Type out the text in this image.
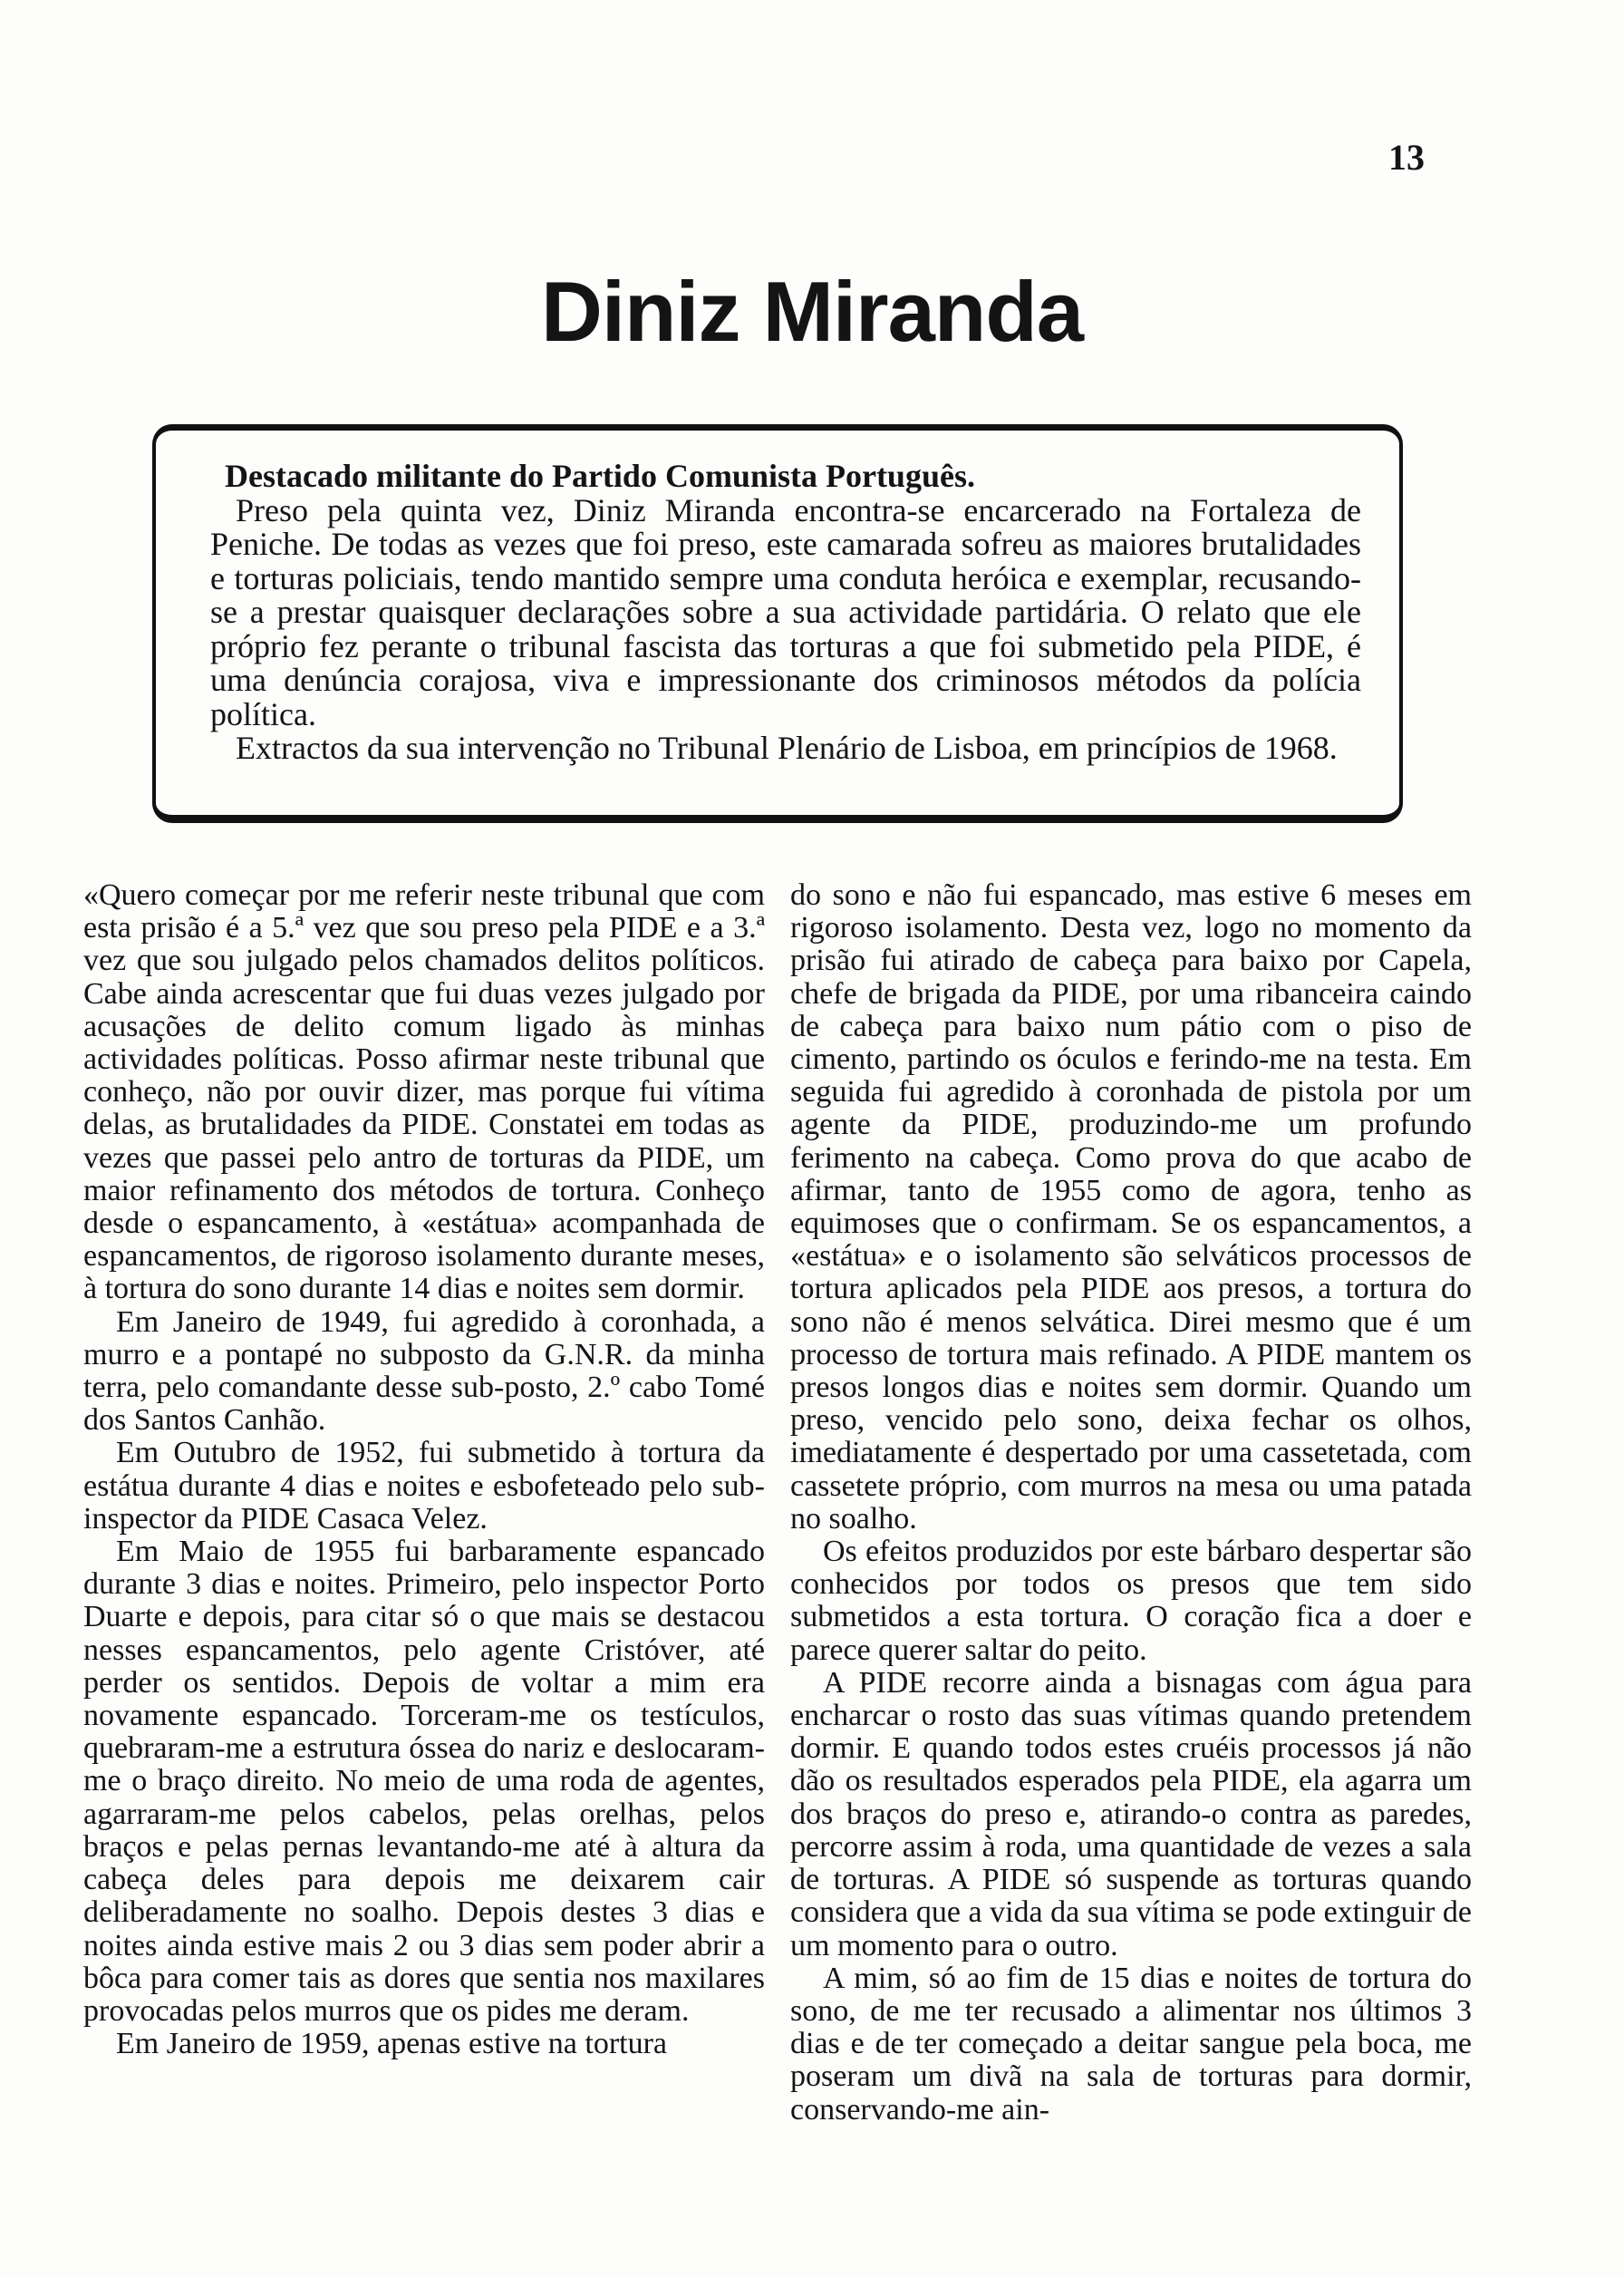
13
Diniz Miranda

Destacado militante do Partido Comunista Português.

Preso pela quinta vez, Diniz Miranda encontra-se encarcerado na Fortaleza de Peniche. De todas as vezes que foi preso, este camarada sofreu as maiores brutalidades e torturas policiais, tendo mantido sempre uma conduta heróica e exemplar, recusando-se a prestar quaisquer declarações sobre a sua actividade partidária. O relato que ele próprio fez perante o tribunal fascista das torturas a que foi submetido pela PIDE, é uma denúncia corajosa, viva e impressionante dos criminosos métodos da polícia política.

Extractos da sua intervenção no Tribunal Plenário de Lisboa, em princípios de 1968.

«Quero começar por me referir neste tribunal que com esta prisão é a 5.ª vez que sou preso pela PIDE e a 3.ª vez que sou julgado pelos chamados delitos políticos. Cabe ainda acrescentar que fui duas vezes julgado por acusações de delito comum ligado às minhas actividades políticas. Posso afirmar neste tribunal que conheço, não por ouvir dizer, mas porque fui vítima delas, as brutalidades da PIDE. Constatei em todas as vezes que passei pelo antro de torturas da PIDE, um maior refinamento dos métodos de tortura. Conheço desde o espancamento, à «estátua» acompanhada de espancamentos, de rigoroso isolamento durante meses, à tortura do sono durante 14 dias e noites sem dormir.

Em Janeiro de 1949, fui agredido à coronhada, a murro e a pontapé no subposto da G.N.R. da minha terra, pelo comandante desse sub-posto, 2.º cabo Tomé dos Santos Canhão.

Em Outubro de 1952, fui submetido à tortura da estátua durante 4 dias e noites e esbofeteado pelo sub-inspector da PIDE Casaca Velez.

Em Maio de 1955 fui barbaramente espancado durante 3 dias e noites. Primeiro, pelo inspector Porto Duarte e depois, para citar só o que mais se destacou nesses espancamentos, pelo agente Cristóver, até perder os sentidos. Depois de voltar a mim era novamente espancado. Torceram-me os testículos, quebraram-me a estrutura óssea do nariz e deslocaram-me o braço direito. No meio de uma roda de agentes, agarraram-me pelos cabelos, pelas orelhas, pelos braços e pelas pernas levantando-me até à altura da cabeça deles para depois me deixarem cair deliberadamente no soalho. Depois destes 3 dias e noites ainda estive mais 2 ou 3 dias sem poder abrir a bôca para comer tais as dores que sentia nos maxilares provocadas pelos murros que os pides me deram.

Em Janeiro de 1959, apenas estive na tortura

do sono e não fui espancado, mas estive 6 meses em rigoroso isolamento. Desta vez, logo no momento da prisão fui atirado de cabeça para baixo por Capela, chefe de brigada da PIDE, por uma ribanceira caindo de cabeça para baixo num pátio com o piso de cimento, partindo os óculos e ferindo-me na testa. Em seguida fui agredido à coronhada de pistola por um agente da PIDE, produzindo-me um profundo ferimento na cabeça. Como prova do que acabo de afirmar, tanto de 1955 como de agora, tenho as equimoses que o confirmam. Se os espancamentos, a «estátua» e o isolamento são selváticos processos de tortura aplicados pela PIDE aos presos, a tortura do sono não é menos selvática. Direi mesmo que é um processo de tortura mais refinado. A PIDE mantem os presos longos dias e noites sem dormir. Quando um preso, vencido pelo sono, deixa fechar os olhos, imediatamente é despertado por uma cassetetada, com cassetete próprio, com murros na mesa ou uma patada no soalho.

Os efeitos produzidos por este bárbaro despertar são conhecidos por todos os presos que tem sido submetidos a esta tortura. O coração fica a doer e parece querer saltar do peito.

A PIDE recorre ainda a bisnagas com água para encharcar o rosto das suas vítimas quando pretendem dormir. E quando todos estes cruéis processos já não dão os resultados esperados pela PIDE, ela agarra um dos braços do preso e, atirando-o contra as paredes, percorre assim à roda, uma quantidade de vezes a sala de torturas. A PIDE só suspende as torturas quando considera que a vida da sua vítima se pode extinguir de um momento para o outro.

A mim, só ao fim de 15 dias e noites de tortura do sono, de me ter recusado a alimentar nos últimos 3 dias e de ter começado a deitar sangue pela boca, me poseram um divã na sala de torturas para dormir, conservando-me ain-
